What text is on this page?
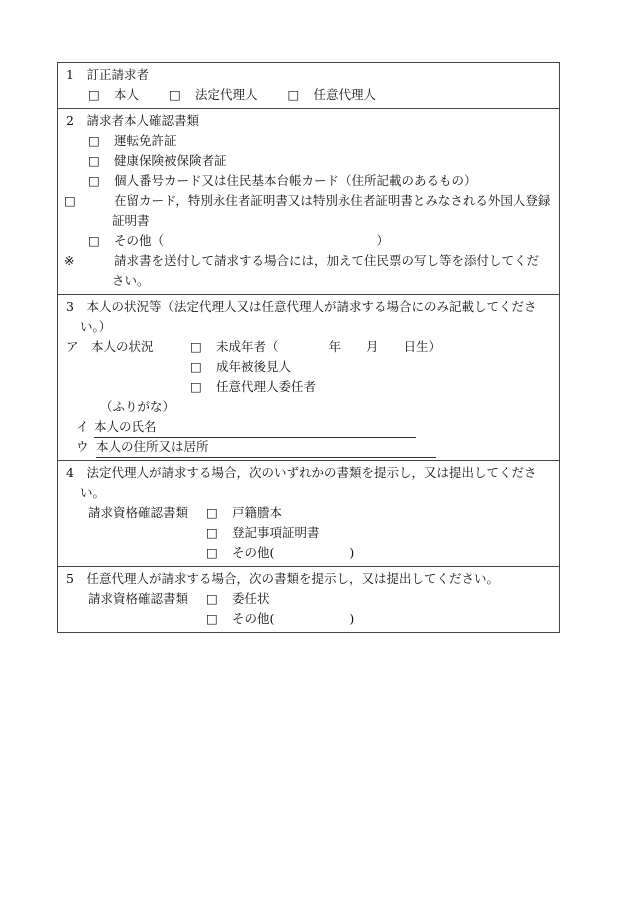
1　訂正請求者
□ 本人 □ 法定代理人 □ 任意代理人
2　請求者本人確認書類
□ 運転免許証
□ 健康保険被保険者証
□ 個人番号カード又は住民基本台帳カード（住所記載のあるもの）
□	在留カード，特別永住者証明書又は特別永住者証明書とみなされる外国人登録証明書
□ その他（　　　　　　　　　　　　　　　　　）
※	請求書を送付して請求する場合には，加えて住民票の写し等を添付してください。
3　本人の状況等（法定代理人又は任意代理人が請求する場合にのみ記載してください。）
ア　本人の状況	□ 未成年者（　　　　年　　月　　日生）
□ 成年被後見人
□ 任意代理人委任者
（ふりがな）
イ 本人の氏名
ウ 本人の住所又は居所
4　法定代理人が請求する場合，次のいずれかの書類を提示し，又は提出してください。
請求資格確認書類 □ 戸籍謄本
□ 登記事項証明書
□ その他(　　　　　　)
5　任意代理人が請求する場合，次の書類を提示し，又は提出してください。
請求資格確認書類 □ 委任状
□ その他(　　　　　　)
